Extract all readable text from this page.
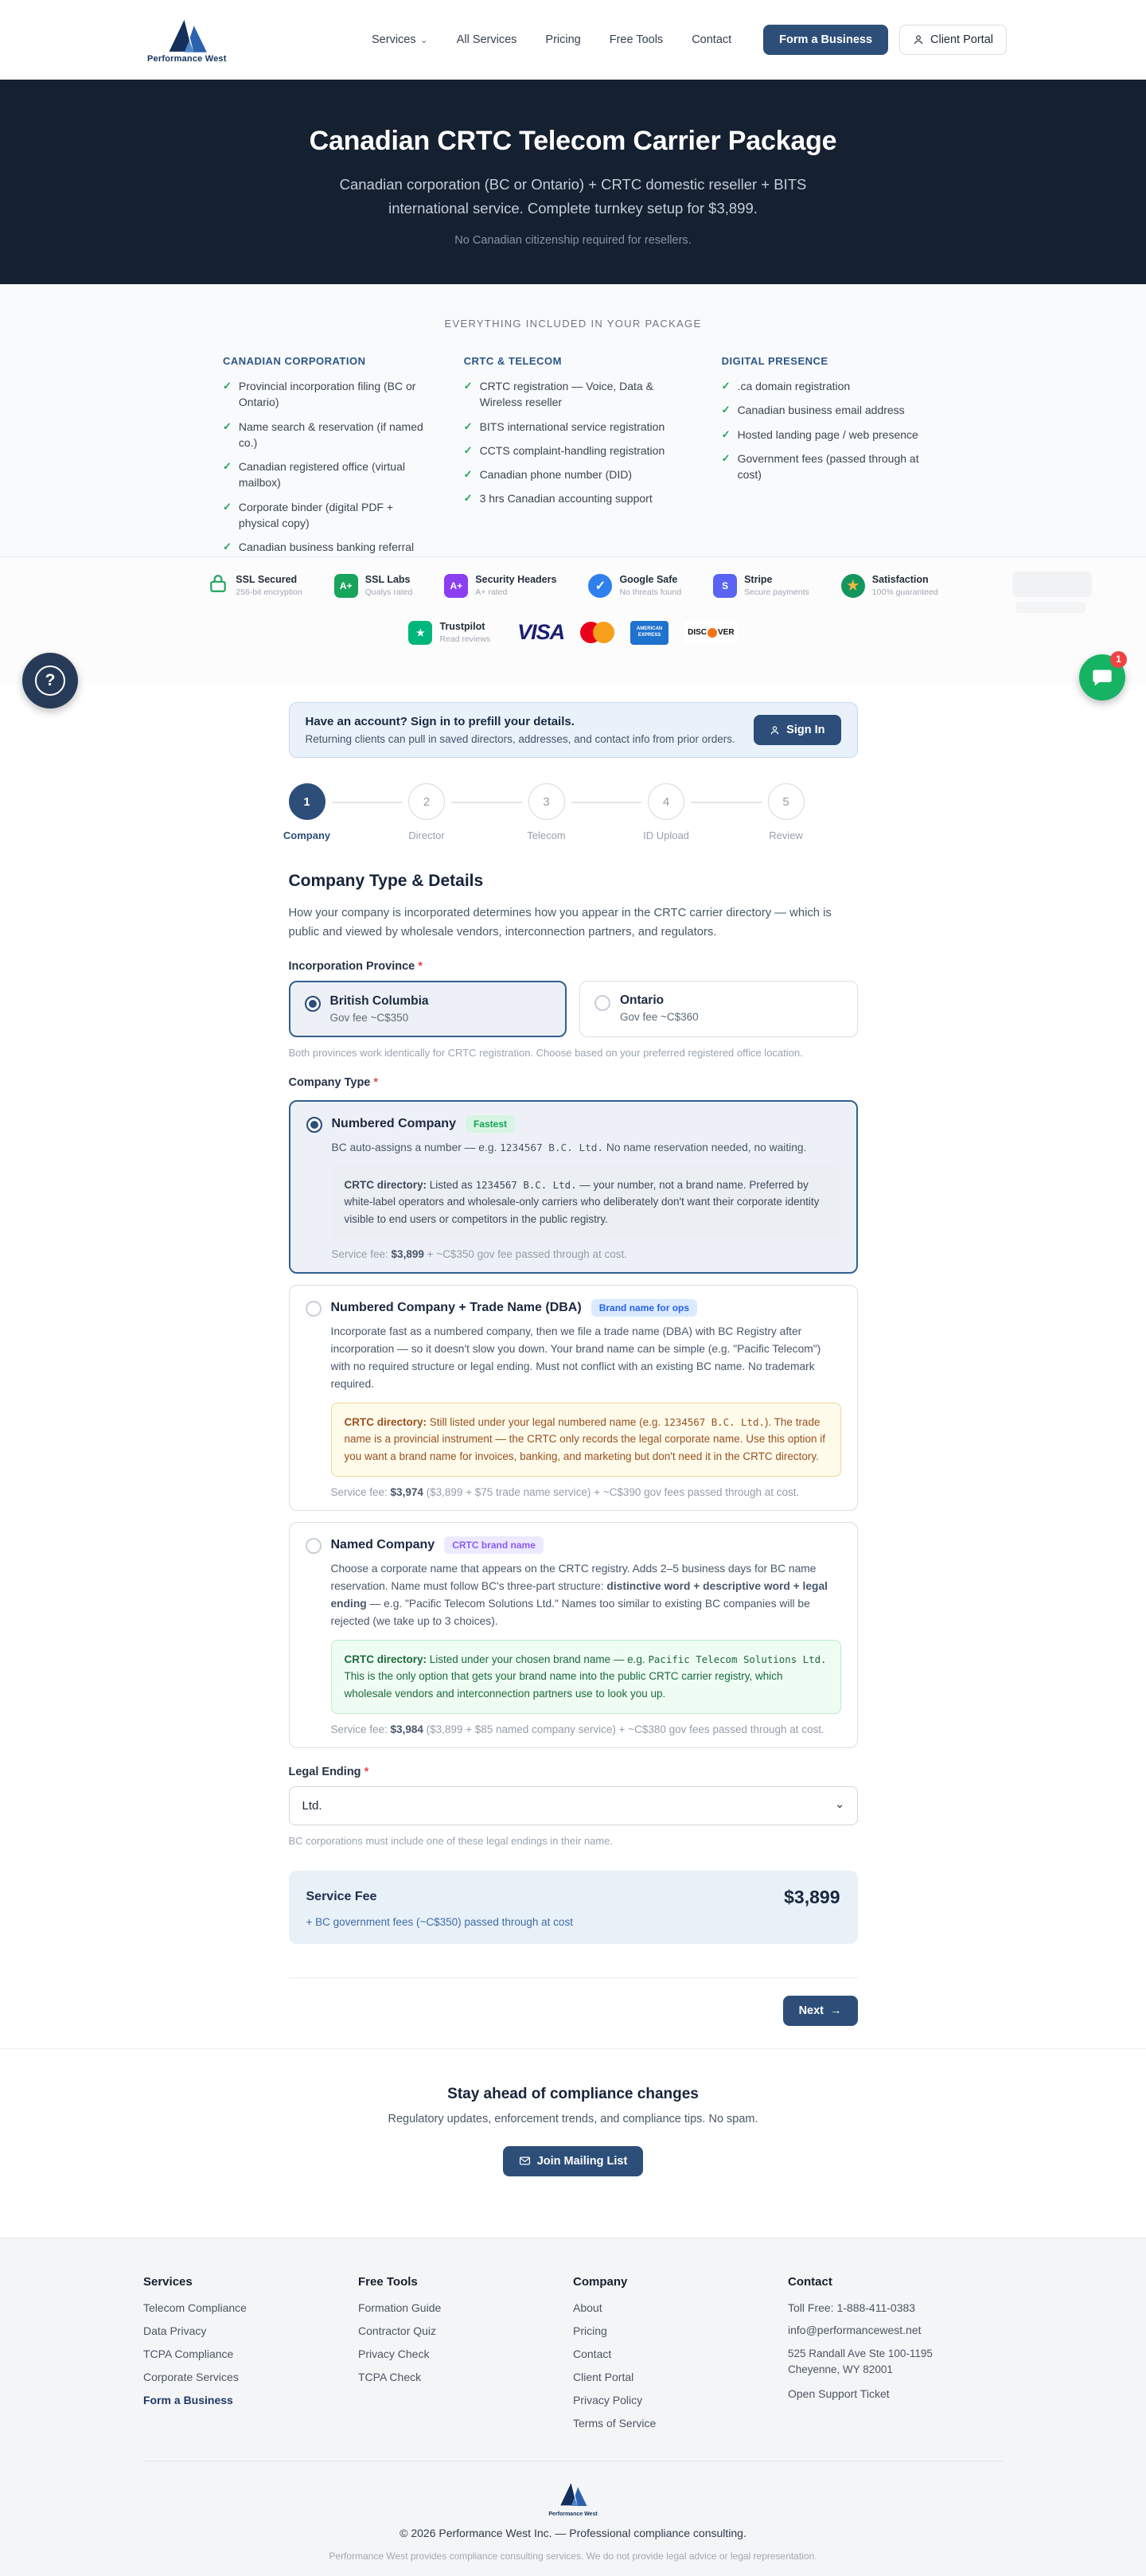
Performance West
Services ⌄ All Services Pricing Free Tools Contact	Form a Business	Client Portal
Canadian CRTC Telecom Carrier Package
Canadian corporation (BC or Ontario) + CRTC domestic reseller + BITS international service. Complete turnkey setup for $3,899.
No Canadian citizenship required for resellers.
EVERYTHING INCLUDED IN YOUR PACKAGE
CANADIAN CORPORATION
✓ Provincial incorporation filing (BC or Ontario)
✓ Name search & reservation (if named co.)
✓ Canadian registered office (virtual mailbox)
✓ Corporate binder (digital PDF + physical copy)
✓ Canadian business banking referral
CRTC & TELECOM
✓ CRTC registration — Voice, Data & Wireless reseller
✓ BITS international service registration
✓ CCTS complaint-handling registration
✓ Canadian phone number (DID)
✓ 3 hrs Canadian accounting support
DIGITAL PRESENCE
✓ .ca domain registration
✓ Canadian business email address
✓ Hosted landing page / web presence
✓ Government fees (passed through at cost)
SSL Secured
256-bit encryption
A+
SSL Labs
Qualys rated
A+
Security Headers
A+ rated	✓	Google Safe
No threats found
S
Stripe
Secure payments	★	Satisfaction
100% guaranteed
★
Trustpilot
Read reviews VISA	AMERICAN EXPRESS	DISC VER
?
1
Have an account? Sign in to prefill your details.
Returning clients can pull in saved directors, addresses, and contact info from prior orders.
Sign In
1
Company
2
Director
3
Telecom
4
ID Upload
5
Review
Company Type & Details
How your company is incorporated determines how you appear in the CRTC carrier directory — which is public and viewed by wholesale vendors, interconnection partners, and regulators.
Incorporation Province *
British Columbia
Gov fee ~C$350
Ontario
Gov fee ~C$360
Both provinces work identically for CRTC registration. Choose based on your preferred registered office location.
Company Type *
Numbered Company	Fastest
BC auto-assigns a number — e.g. 1234567 B.C. Ltd. No name reservation needed, no waiting.
CRTC directory: Listed as 1234567 B.C. Ltd. — your number, not a brand name. Preferred by white-label operators and wholesale-only carriers who deliberately don't want their corporate identity visible to end users or competitors in the public registry.
Service fee: $3,899 + ~C$350 gov fee passed through at cost.
Numbered Company + Trade Name (DBA)	Brand name for ops
Incorporate fast as a numbered company, then we file a trade name (DBA) with BC Registry after incorporation — so it doesn't slow you down. Your brand name can be simple (e.g. "Pacific Telecom") with no required structure or legal ending. Must not conflict with an existing BC name. No trademark required.
CRTC directory: Still listed under your legal numbered name (e.g. 1234567 B.C. Ltd.). The trade name is a provincial instrument — the CRTC only records the legal corporate name. Use this option if you want a brand name for invoices, banking, and marketing but don't need it in the CRTC directory.
Service fee: $3,974 ($3,899 + $75 trade name service) + ~C$390 gov fees passed through at cost.
Named Company	CRTC brand name
Choose a corporate name that appears on the CRTC registry. Adds 2–5 business days for BC name reservation. Name must follow BC's three-part structure: distinctive word + descriptive word + legal ending — e.g. "Pacific Telecom Solutions Ltd." Names too similar to existing BC companies will be rejected (we take up to 3 choices).
CRTC directory: Listed under your chosen brand name — e.g. Pacific Telecom Solutions Ltd. This is the only option that gets your brand name into the public CRTC carrier registry, which wholesale vendors and interconnection partners use to look you up.
Service fee: $3,984 ($3,899 + $85 named company service) + ~C$380 gov fees passed through at cost.
Legal Ending *
Ltd.
⌄
BC corporations must include one of these legal endings in their name.
Service Fee	$3,899
+ BC government fees (~C$350) passed through at cost
Next →
Stay ahead of compliance changes
Regulatory updates, enforcement trends, and compliance tips. No spam.
Join Mailing List
Services
Telecom Compliance
Data Privacy
TCPA Compliance
Corporate Services
Form a Business
Free Tools
Formation Guide
Contractor Quiz
Privacy Check
TCPA Check
Company
About
Pricing
Contact
Client Portal
Privacy Policy
Terms of Service
Contact
Toll Free: 1-888-411-0383
info@performancewest.net
525 Randall Ave Ste 100-1195
Cheyenne, WY 82001
Open Support Ticket
Performance West
© 2026 Performance West Inc. — Professional compliance consulting.
Performance West provides compliance consulting services. We do not provide legal advice or legal representation.
